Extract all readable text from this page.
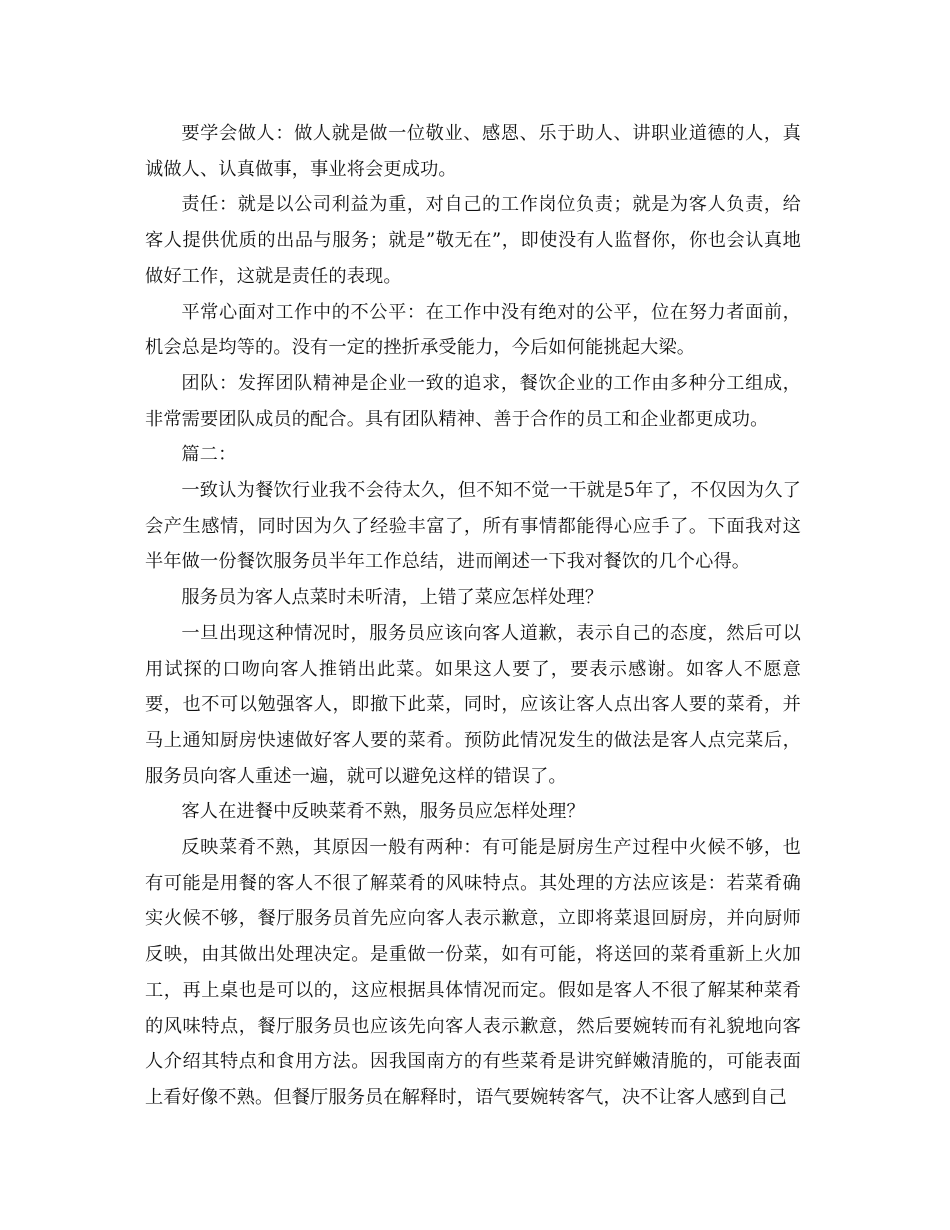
要学会做人：做人就是做一位敬业、感恩、乐于助人、讲职业道德的人，真诚做人、认真做事，事业将会更成功。

责任：就是以公司利益为重，对自己的工作岗位负责；就是为客人负责，给客人提供优质的出品与服务；就是”敬无在”，即使没有人监督你，你也会认真地做好工作，这就是责任的表现。

平常心面对工作中的不公平：在工作中没有绝对的公平，位在努力者面前，机会总是均等的。没有一定的挫折承受能力，今后如何能挑起大梁。

团队：发挥团队精神是企业一致的追求，餐饮企业的工作由多种分工组成，非常需要团队成员的配合。具有团队精神、善于合作的员工和企业都更成功。

篇二：

一致认为餐饮行业我不会待太久，但不知不觉一干就是5年了，不仅因为久了会产生感情，同时因为久了经验丰富了，所有事情都能得心应手了。下面我对这半年做一份餐饮服务员半年工作总结，进而阐述一下我对餐饮的几个心得。

服务员为客人点菜时未听清，上错了菜应怎样处理？

一旦出现这种情况时，服务员应该向客人道歉，表示自己的态度，然后可以用试探的口吻向客人推销出此菜。如果这人要了，要表示感谢。如客人不愿意要，也不可以勉强客人，即撤下此菜，同时，应该让客人点出客人要的菜肴，并马上通知厨房快速做好客人要的菜肴。预防此情况发生的做法是客人点完菜后，服务员向客人重述一遍，就可以避免这样的错误了。

客人在进餐中反映菜肴不熟，服务员应怎样处理？

反映菜肴不熟，其原因一般有两种：有可能是厨房生产过程中火候不够，也有可能是用餐的客人不很了解菜肴的风味特点。其处理的方法应该是：若菜肴确实火候不够，餐厅服务员首先应向客人表示歉意，立即将菜退回厨房，并向厨师反映，由其做出处理决定。是重做一份菜，如有可能，将送回的菜肴重新上火加工，再上桌也是可以的，这应根据具体情况而定。假如是客人不很了解某种菜肴的风味特点，餐厅服务员也应该先向客人表示歉意，然后要婉转而有礼貌地向客人介绍其特点和食用方法。因我国南方的有些菜肴是讲究鲜嫩清脆的，可能表面上看好像不熟。但餐厅服务员在解释时，语气要婉转客气，决不让客人感到自己
